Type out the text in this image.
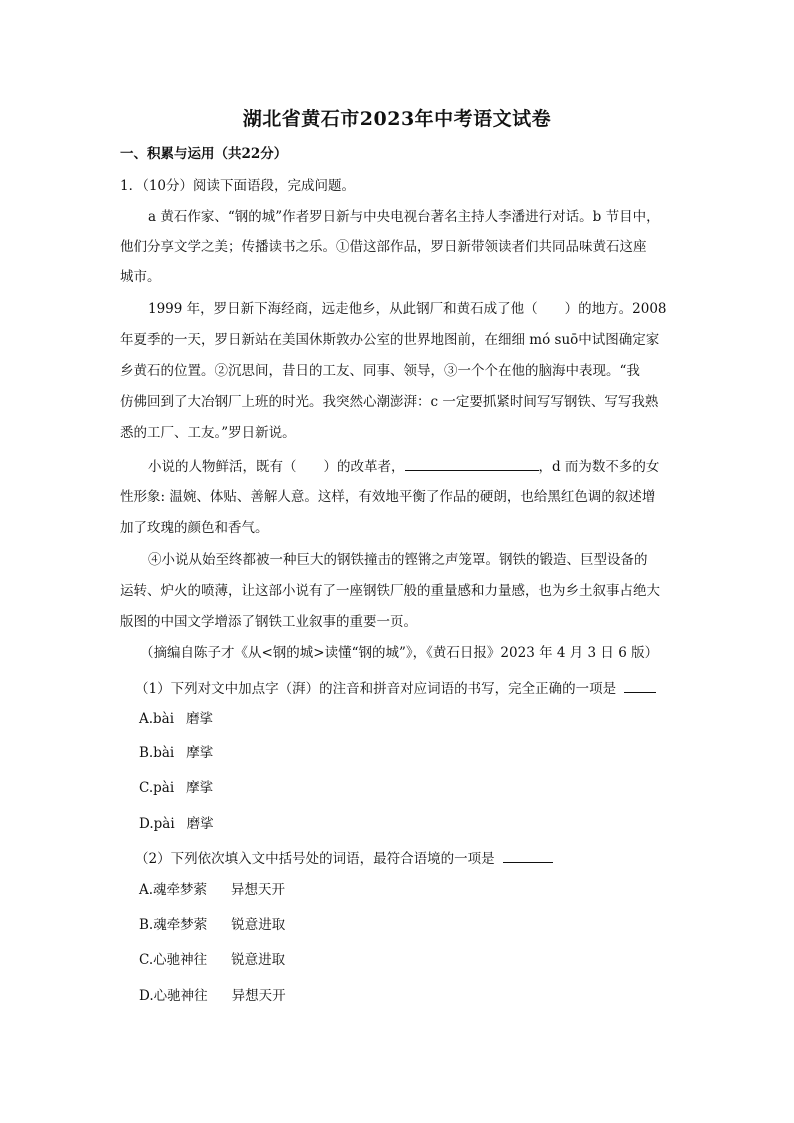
湖北省黄石市2023年中考语文试卷
一、积累与运用（共22分）
1．（10分）阅读下面语段，完成问题。
a 黄石作家、“钢的城”作者罗日新与中央电视台著名主持人李潘进行对话。b 节目中，
他们分享文学之美；传播读书之乐。①借这部作品，罗日新带领读者们共同品味黄石这座
城市。
1999 年，罗日新下海经商，远走他乡，从此钢厂和黄石成了他（　　）的地方。2008
年夏季的一天，罗日新站在美国休斯敦办公室的世界地图前，在细细 mó suō中试图确定家
乡黄石的位置。②沉思间，昔日的工友、同事、领导，③一个个在他的脑海中表现。“我
仿佛回到了大冶钢厂上班的时光。我突然心潮澎湃：c 一定要抓紧时间写写钢铁、写写我熟
悉的工厂、工友。”罗日新说。
小说的人物鲜活，既有（　　）的改革者，	，d 而为数不多的女
性形象: 温婉、体贴、善解人意。这样，有效地平衡了作品的硬朗，也给黑红色调的叙述增
加了玫瑰的颜色和香气。
④小说从始至终都被一种巨大的钢铁撞击的铿锵之声笼罩。钢铁的锻造、巨型设备的
运转、炉火的喷薄，让这部小说有了一座钢铁厂般的重量感和力量感，也为乡土叙事占绝大
版图的中国文学增添了钢铁工业叙事的重要一页。
（摘编自陈子才《从<钢的城>读懂“钢的城”》，《黄石日报》2023 年 4 月 3 日 6 版）
（1）下列对文中加点字（湃）的注音和拼音对应词语的书写，完全正确的一项是
A.bài 磨挲
B.bài 摩挲
C.pài 摩挲
D.pài 磨挲
（2）下列依次填入文中括号处的词语，最符合语境的一项是
A.魂牵梦萦 异想天开
B.魂牵梦萦 锐意进取
C.心驰神往 锐意进取
D.心驰神往 异想天开
